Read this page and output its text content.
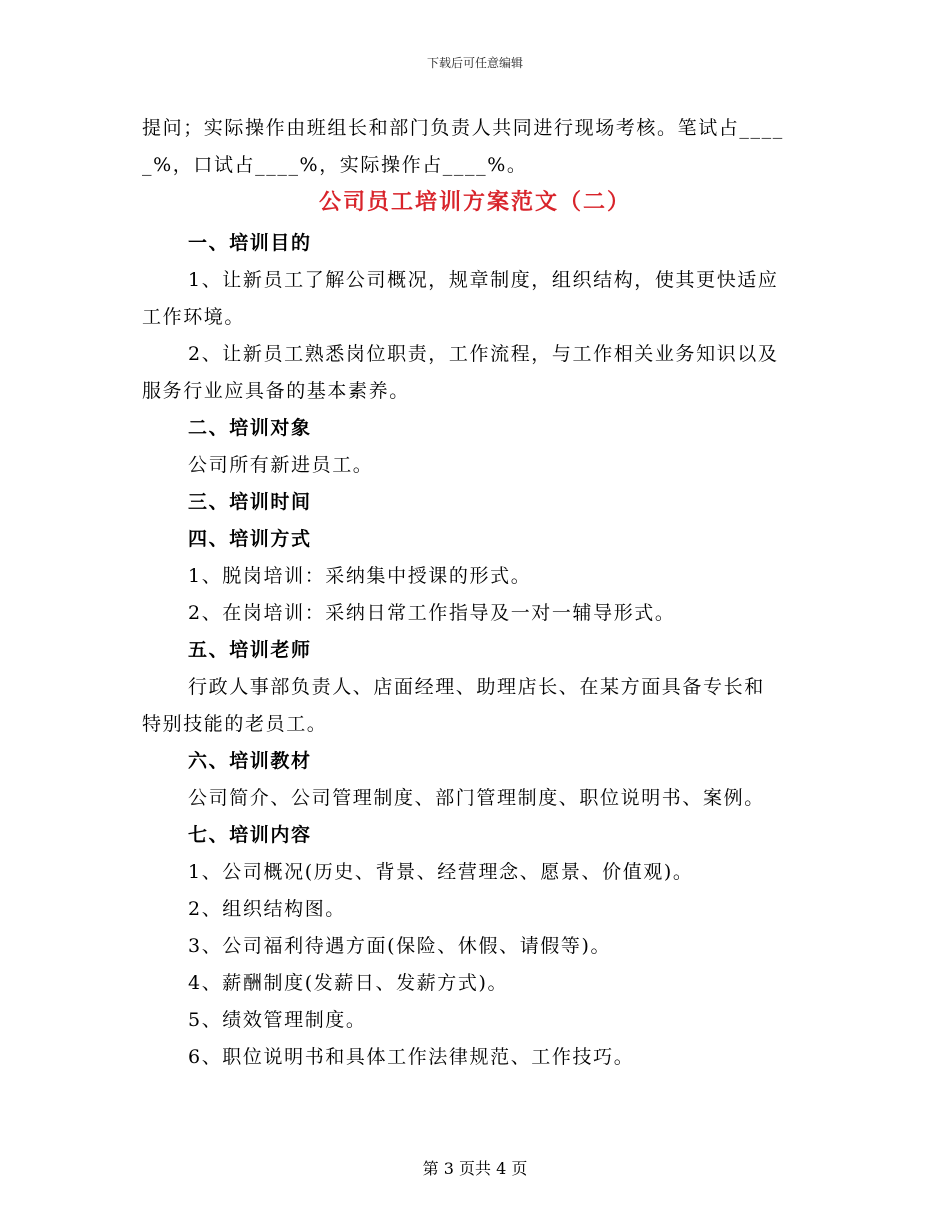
下载后可任意编辑
提问；实际操作由班组长和部门负责人共同进行现场考核。笔试占____
_%，口试占____%，实际操作占____%。
公司员工培训方案范文（二）
一、培训目的
1、让新员工了解公司概况，规章制度，组织结构，使其更快适应
工作环境。
2、让新员工熟悉岗位职责，工作流程，与工作相关业务知识以及
服务行业应具备的基本素养。
二、培训对象
公司所有新进员工。
三、培训时间
四、培训方式
1、脱岗培训：采纳集中授课的形式。
2、在岗培训：采纳日常工作指导及一对一辅导形式。
五、培训老师
行政人事部负责人、店面经理、助理店长、在某方面具备专长和
特别技能的老员工。
六、培训教材
公司简介、公司管理制度、部门管理制度、职位说明书、案例。
七、培训内容
1、公司概况(历史、背景、经营理念、愿景、价值观)。
2、组织结构图。
3、公司福利待遇方面(保险、休假、请假等)。
4、薪酬制度(发薪日、发薪方式)。
5、绩效管理制度。
6、职位说明书和具体工作法律规范、工作技巧。
第 3 页共 4 页
